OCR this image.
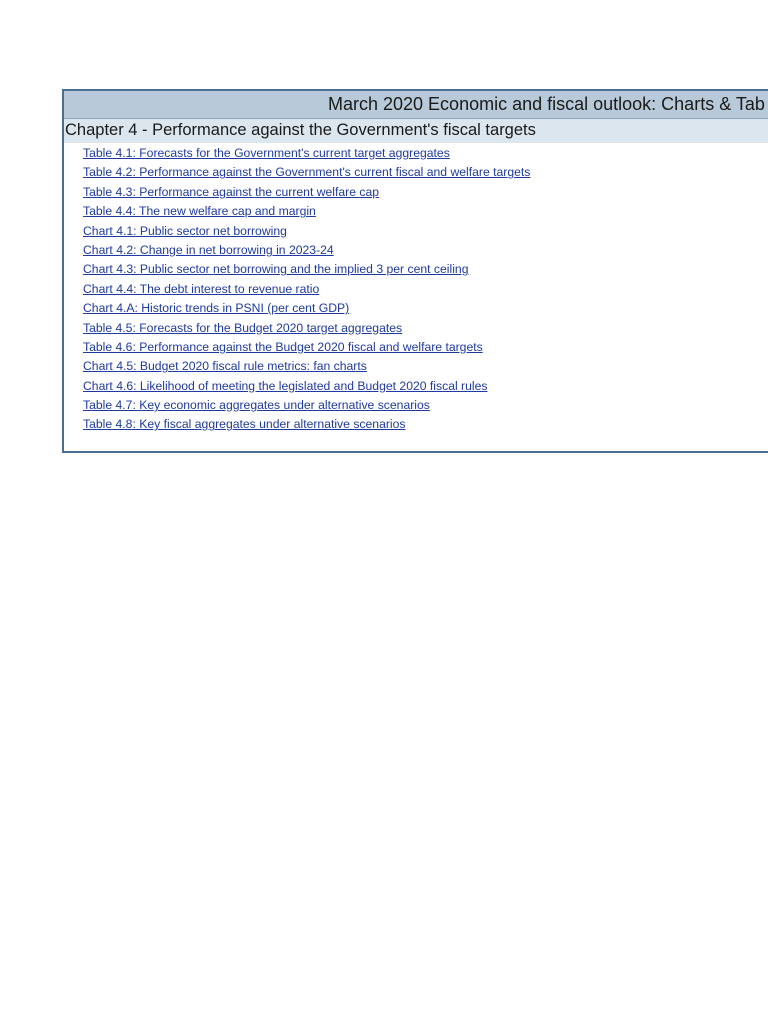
March 2020 Economic and fiscal outlook: Charts & Tab
Chapter 4 - Performance against the Government's fiscal targets
Table 4.1: Forecasts for the Government's current target aggregates
Table 4.2: Performance against the Government's current fiscal and welfare targets
Table 4.3: Performance against the current welfare cap
Table 4.4: The new welfare cap and margin
Chart 4.1: Public sector net borrowing
Chart 4.2: Change in net borrowing in 2023-24
Chart 4.3: Public sector net borrowing and the implied 3 per cent ceiling
Chart 4.4: The debt interest to revenue ratio
Chart 4.A: Historic trends in PSNI (per cent GDP)
Table 4.5: Forecasts for the Budget 2020 target aggregates
Table 4.6: Performance against the Budget 2020 fiscal and welfare targets
Chart 4.5: Budget 2020 fiscal rule metrics: fan charts
Chart 4.6: Likelihood of meeting the legislated and Budget 2020 fiscal rules
Table 4.7: Key economic aggregates under alternative scenarios
Table 4.8: Key fiscal aggregates under alternative scenarios
